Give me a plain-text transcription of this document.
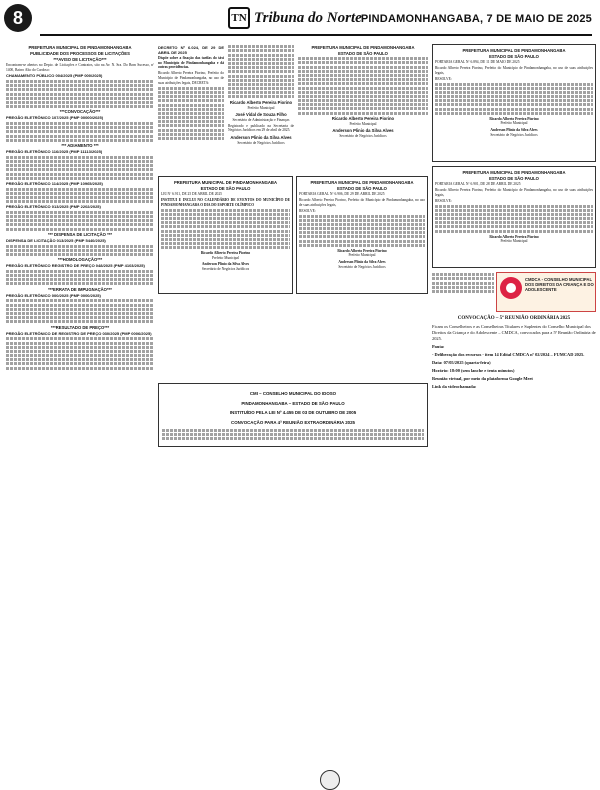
8	TN Tribuna do Norte PINDAMONHANGABA, 7 DE MAIO DE 2025

PREFEITURA MUNICIPAL DE PINDAMONHANGABA

PUBLICIDADE DOS PROCESSOS DE LICITAÇÕES

***AVISO DE LICITAÇÃO***

Encontram-se abertos no Depto. de Licitações e Contratos, sito na Av. N. Sra. Do Bom Sucesso, nº 1400, Bairro Alto do Cardoso:

CHAMAMENTO PÚBLICO 004/2025 (PMP 000/2025)

***CONVOCAÇÃO***

PREGÃO ELETRÔNICO 107/2025 (PMP 00000/2025)

*** ADIAMENTO ***

PREGÃO ELETRÔNICO 116/2025 (PMP 11113/2025)

PREGÃO ELETRÔNICO 114/2025 (PMP 10965/2025)

PREGÃO ELETRÔNICO 013/2025 (PMP 2202/2025)

*** DISPENSA DE LICITAÇÃO ***

DISPENSA DE LICITAÇÃO 013/2025 (PMP 5440/2025)

***HOMOLOGAÇÃO***

PREGÃO ELETRÔNICO REGISTRO DE PREÇO 048/2025 (PMP 4103/2025)

***ERRATA DE IMPUGNAÇÃO***

PREGÃO ELETRÔNICO 000/2025 (PMP 0000/2025)

***RESULTADO DE PREÇO***

PREGÃO ELETRÔNICO DE REGISTRO DE PREÇO 030/2025 (PMP 0006/2025)

DECRETO Nº 6.024, DE 29 DE ABRIL DE 2025

Dispõe sobre a fixação das tarifas do táxi no Município de Pindamonhangaba e dá outras providências.

Ricardo Alberto Pereira Piorino, Prefeito do Município de Pindamonhangaba, no uso de suas atribuições legais, DECRETA:

Ricardo Alberto Pereira Piorino

Prefeito Municipal

José Vidal de Souza Filho

Secretário de Administração e Finanças

Registrado e publicado na Secretaria de Negócios Jurídicos em 29 de abril de 2025.

Anderson Plinio da Silva Alves

Secretário de Negócios Jurídicos

PREFEITURA MUNICIPAL DE PINDAMONHANGABA

ESTADO DE SÃO PAULO

Ricardo Alberto Pereira Piorino

Prefeito Municipal

Anderson Plinio da Silva Alves

Secretário de Negócios Jurídicos

PREFEITURA MUNICIPAL DE PINDAMONHANGABA

ESTADO DE SÃO PAULO

LEI Nº 6.911, DE 25 DE ABRIL DE 2025

INSTITUI E INCLUI NO CALENDÁRIO DE EVENTOS DO MUNICÍPIO DE PINDAMONHANGABA O DIA DO ESPORTE OLÍMPICO

Ricardo Alberto Pereira Piorino

Prefeito Municipal

Anderson Plinio da Silva Alves

Secretário de Negócios Jurídicos

PREFEITURA MUNICIPAL DE PINDAMONHANGABA

ESTADO DE SÃO PAULO

PORTARIA GERAL Nº 6.906, DE 29 DE ABRIL DE 2025

Ricardo Alberto Pereira Piorino, Prefeito do Município de Pindamonhangaba, no uso de suas atribuições legais,

RESOLVE:

Ricardo Alberto Pereira Piorino

Prefeito Municipal

Anderson Plinio da Silva Alves

Secretário de Negócios Jurídicos

PREFEITURA MUNICIPAL DE PINDAMONHANGABA

ESTADO DE SÃO PAULO

PORTARIA GERAL Nº 6.894, DE 11 DE MAIO DE 2025

Ricardo Alberto Pereira Piorino, Prefeito do Município de Pindamonhangaba, no uso de suas atribuições legais,

RESOLVE:

Ricardo Alberto Pereira Piorino

Prefeito Municipal

Anderson Plinio da Silva Alves

Secretário de Negócios Jurídicos

PREFEITURA MUNICIPAL DE PINDAMONHANGABA

ESTADO DE SÃO PAULO

PORTARIA GERAL Nº 6.901, DE 28 DE ABRIL DE 2025

Ricardo Alberto Pereira Piorino, Prefeito do Município de Pindamonhangaba, no uso de suas atribuições legais,

RESOLVE:

Ricardo Alberto Pereira Piorino

Prefeito Municipal

CMDCA - CONSELHO MUNICIPAL DOS DIREITOS DA CRIANÇA E DO ADOLESCENTE

CONVOCAÇÃO – 5ª REUNIÃO ORDINÁRIA 2025

Ficam os Conselheiros e as Conselheiras Titulares e Suplentes do Conselho Municipal dos Direitos da Criança e do Adolescente – CMDCA, convocados para a 5ª Reunião Ordinária de 2025.

Pauta:

- Deliberação dos recursos - item 14 Edital CMDCA nº 02/2024 – FUMCAD 2025.

Data: 07/05/2025 (quarta-feira)

Horário: 18:00 (sem lanche e tenta minutos)

Reunião virtual, por meio da plataforma Google Meet

Link da videochamada:

CMI – CONSELHO MUNICIPAL DO IDOSO

PINDAMONHANGABA – ESTADO DE SÃO PAULO

INSTITUÍDO PELA LEI Nº 4.455 DE 03 DE OUTUBRO DE 2005

CONVOCAÇÃO PARA 4ª REUNIÃO EXTRAORDINÁRIA 2025
